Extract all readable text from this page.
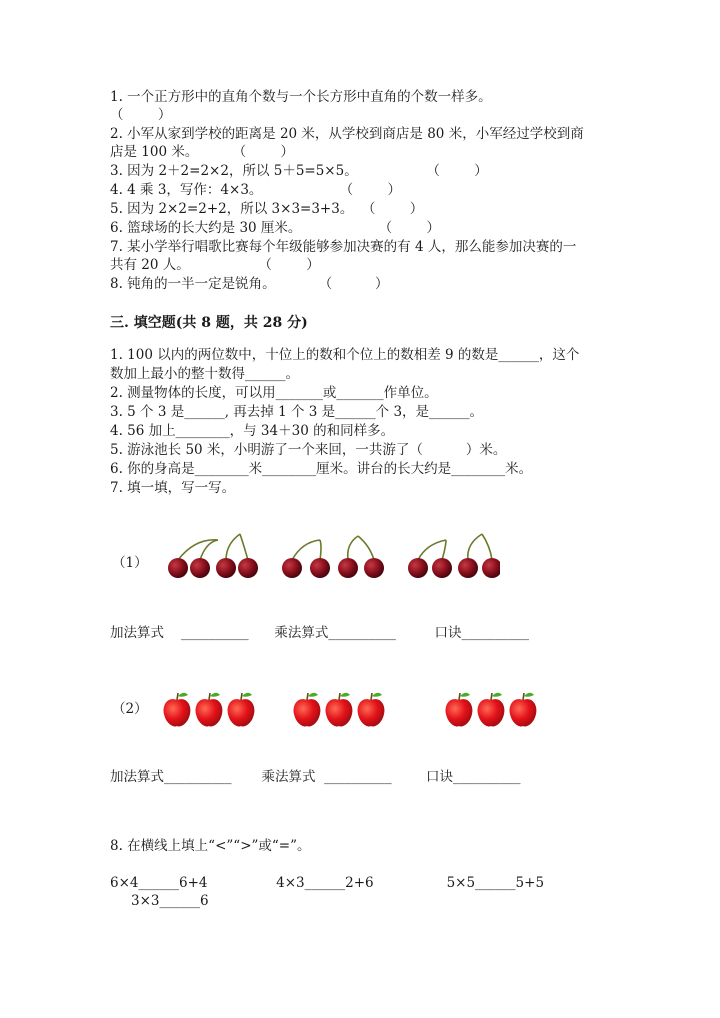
1. 一个正方形中的直角个数与一个长方形中直角的个数一样多。
（        ）
2. 小军从家到学校的距离是 20 米，从学校到商店是 80 米，小军经过学校到商
店是 100 米。        （        ）
3. 因为 2＋2=2×2，所以 5＋5=5×5。                （        ）
4. 4 乘 3，写作：4×3。                  （        ）
5. 因为 2×2=2+2，所以 3×3=3+3。  （        ）
6. 篮球场的长大约是 30 厘米。                  （        ）
7. 某小学举行唱歌比赛每个年级能够参加决赛的有 4 人，那么能参加决赛的一
共有 20 人。                （        ）
8. 钝角的一半一定是锐角。          （          ）
三. 填空题(共 8 题，共 28 分)
1. 100 以内的两位数中，十位上的数和个位上的数相差 9 的数是______，这个
数加上最小的整十数得______。
2. 测量物体的长度，可以用_______或_______作单位。
3. 5 个 3 是______, 再去掉 1 个 3 是______个 3，是______。
4. 56 加上________，与 34＋30 的和同样多。
5. 游泳池长 50 米，小明游了一个来回，一共游了（          ）米。
6. 你的身高是________米________厘米。讲台的长大约是________米。
7. 填一填，写一写。
（1）
加法算式    __________      乘法算式__________         口诀__________
（2）
加法算式__________       乘法算式  __________        口诀__________
8. 在横线上填上“<”“>”或“=”。
6×4______6+4                4×3______2+6                 5×5______5+5
3×3______6
